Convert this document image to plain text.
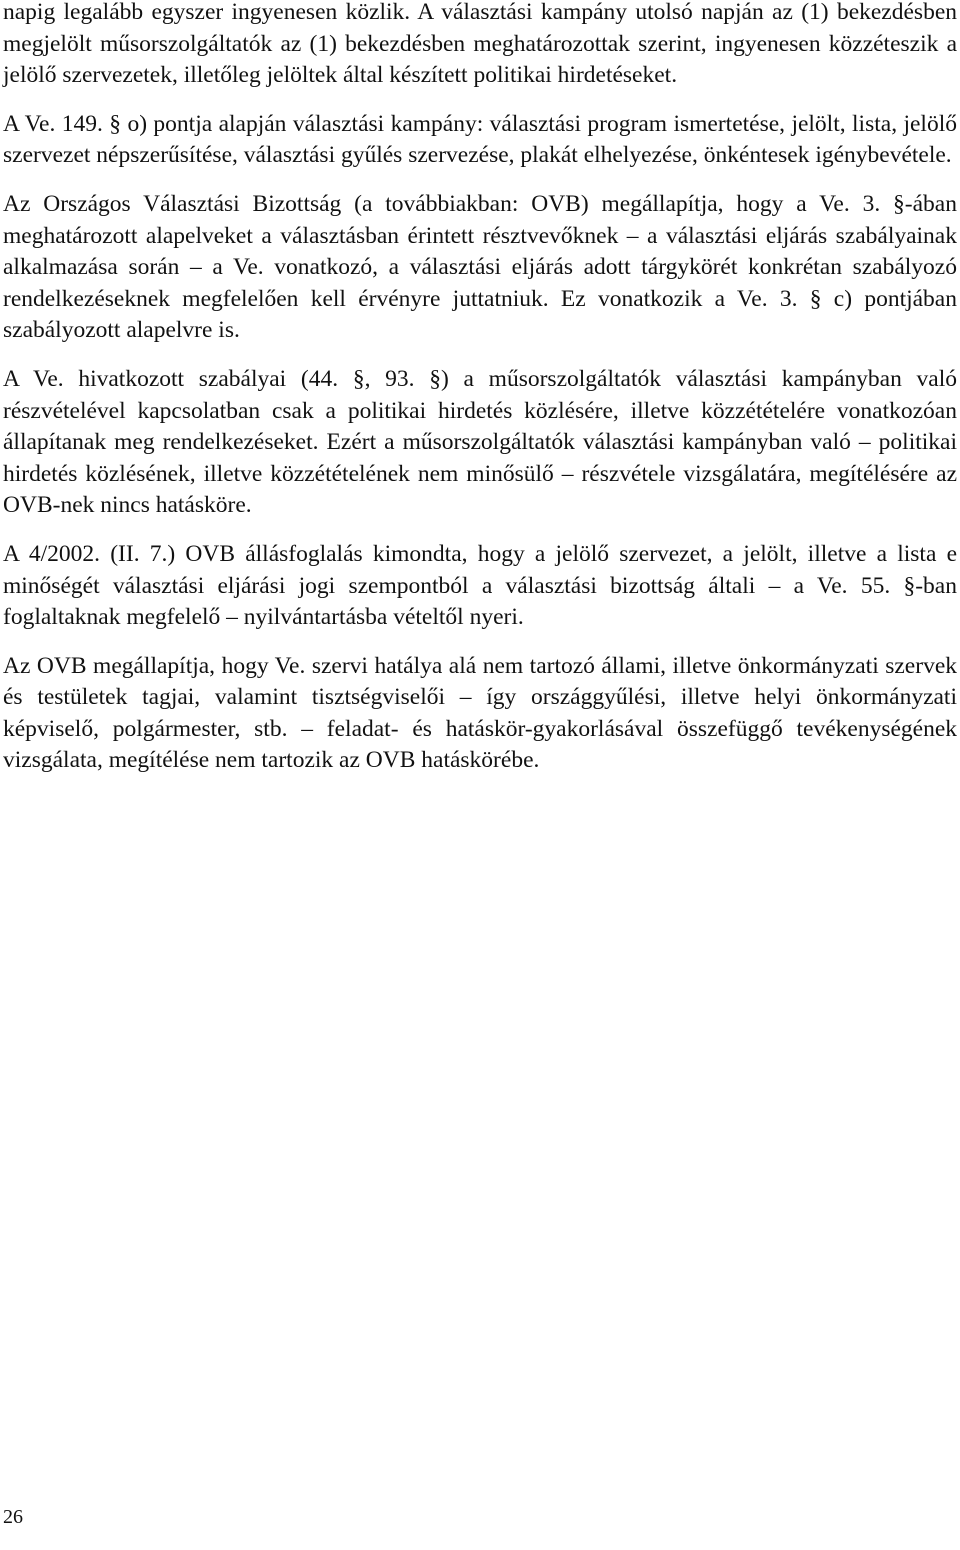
napig legalább egyszer ingyenesen közlik. A választási kampány utolsó napján az (1) bekezdésben megjelölt műsorszolgáltatók az (1) bekezdésben meghatározottak szerint, ingyenesen közzéteszik a jelölő szervezetek, illetőleg jelöltek által készített politikai hirdetéseket.

A Ve. 149. § o) pontja alapján választási kampány: választási program ismertetése, jelölt, lista, jelölő szervezet népszerűsítése, választási gyűlés szervezése, plakát elhelyezése, önkéntesek igénybevétele.

Az Országos Választási Bizottság (a továbbiakban: OVB) megállapítja, hogy a Ve. 3. §-ában meghatározott alapelveket a választásban érintett résztvevőknek – a választási eljárás szabályainak alkalmazása során – a Ve. vonatkozó, a választási eljárás adott tárgykörét konkrétan szabályozó rendelkezéseknek megfelelően kell érvényre juttatniuk. Ez vonatkozik a Ve. 3. § c) pontjában szabályozott alapelvre is.

A Ve. hivatkozott szabályai (44. §, 93. §) a műsorszolgáltatók választási kampányban való részvételével kapcsolatban csak a politikai hirdetés közlésére, illetve közzétételére vonatkozóan állapítanak meg rendelkezéseket. Ezért a műsorszolgáltatók választási kampányban való – politikai hirdetés közlésének, illetve közzétételének nem minősülő – részvétele vizsgálatára, megítélésére az OVB-nek nincs hatásköre.

A 4/2002. (II. 7.) OVB állásfoglalás kimondta, hogy a jelölő szervezet, a jelölt, illetve a lista e minőségét választási eljárási jogi szempontból a választási bizottság általi – a Ve. 55. §-ban foglaltaknak megfelelő – nyilvántartásba vételtől nyeri.

Az OVB megállapítja, hogy Ve. szervi hatálya alá nem tartozó állami, illetve önkormányzati szervek és testületek tagjai, valamint tisztségviselői – így országgyűlési, illetve helyi önkormányzati képviselő, polgármester, stb. – feladat- és hatáskör-gyakorlásával összefüggő tevékenységének vizsgálata, megítélése nem tartozik az OVB hatáskörébe.

26
